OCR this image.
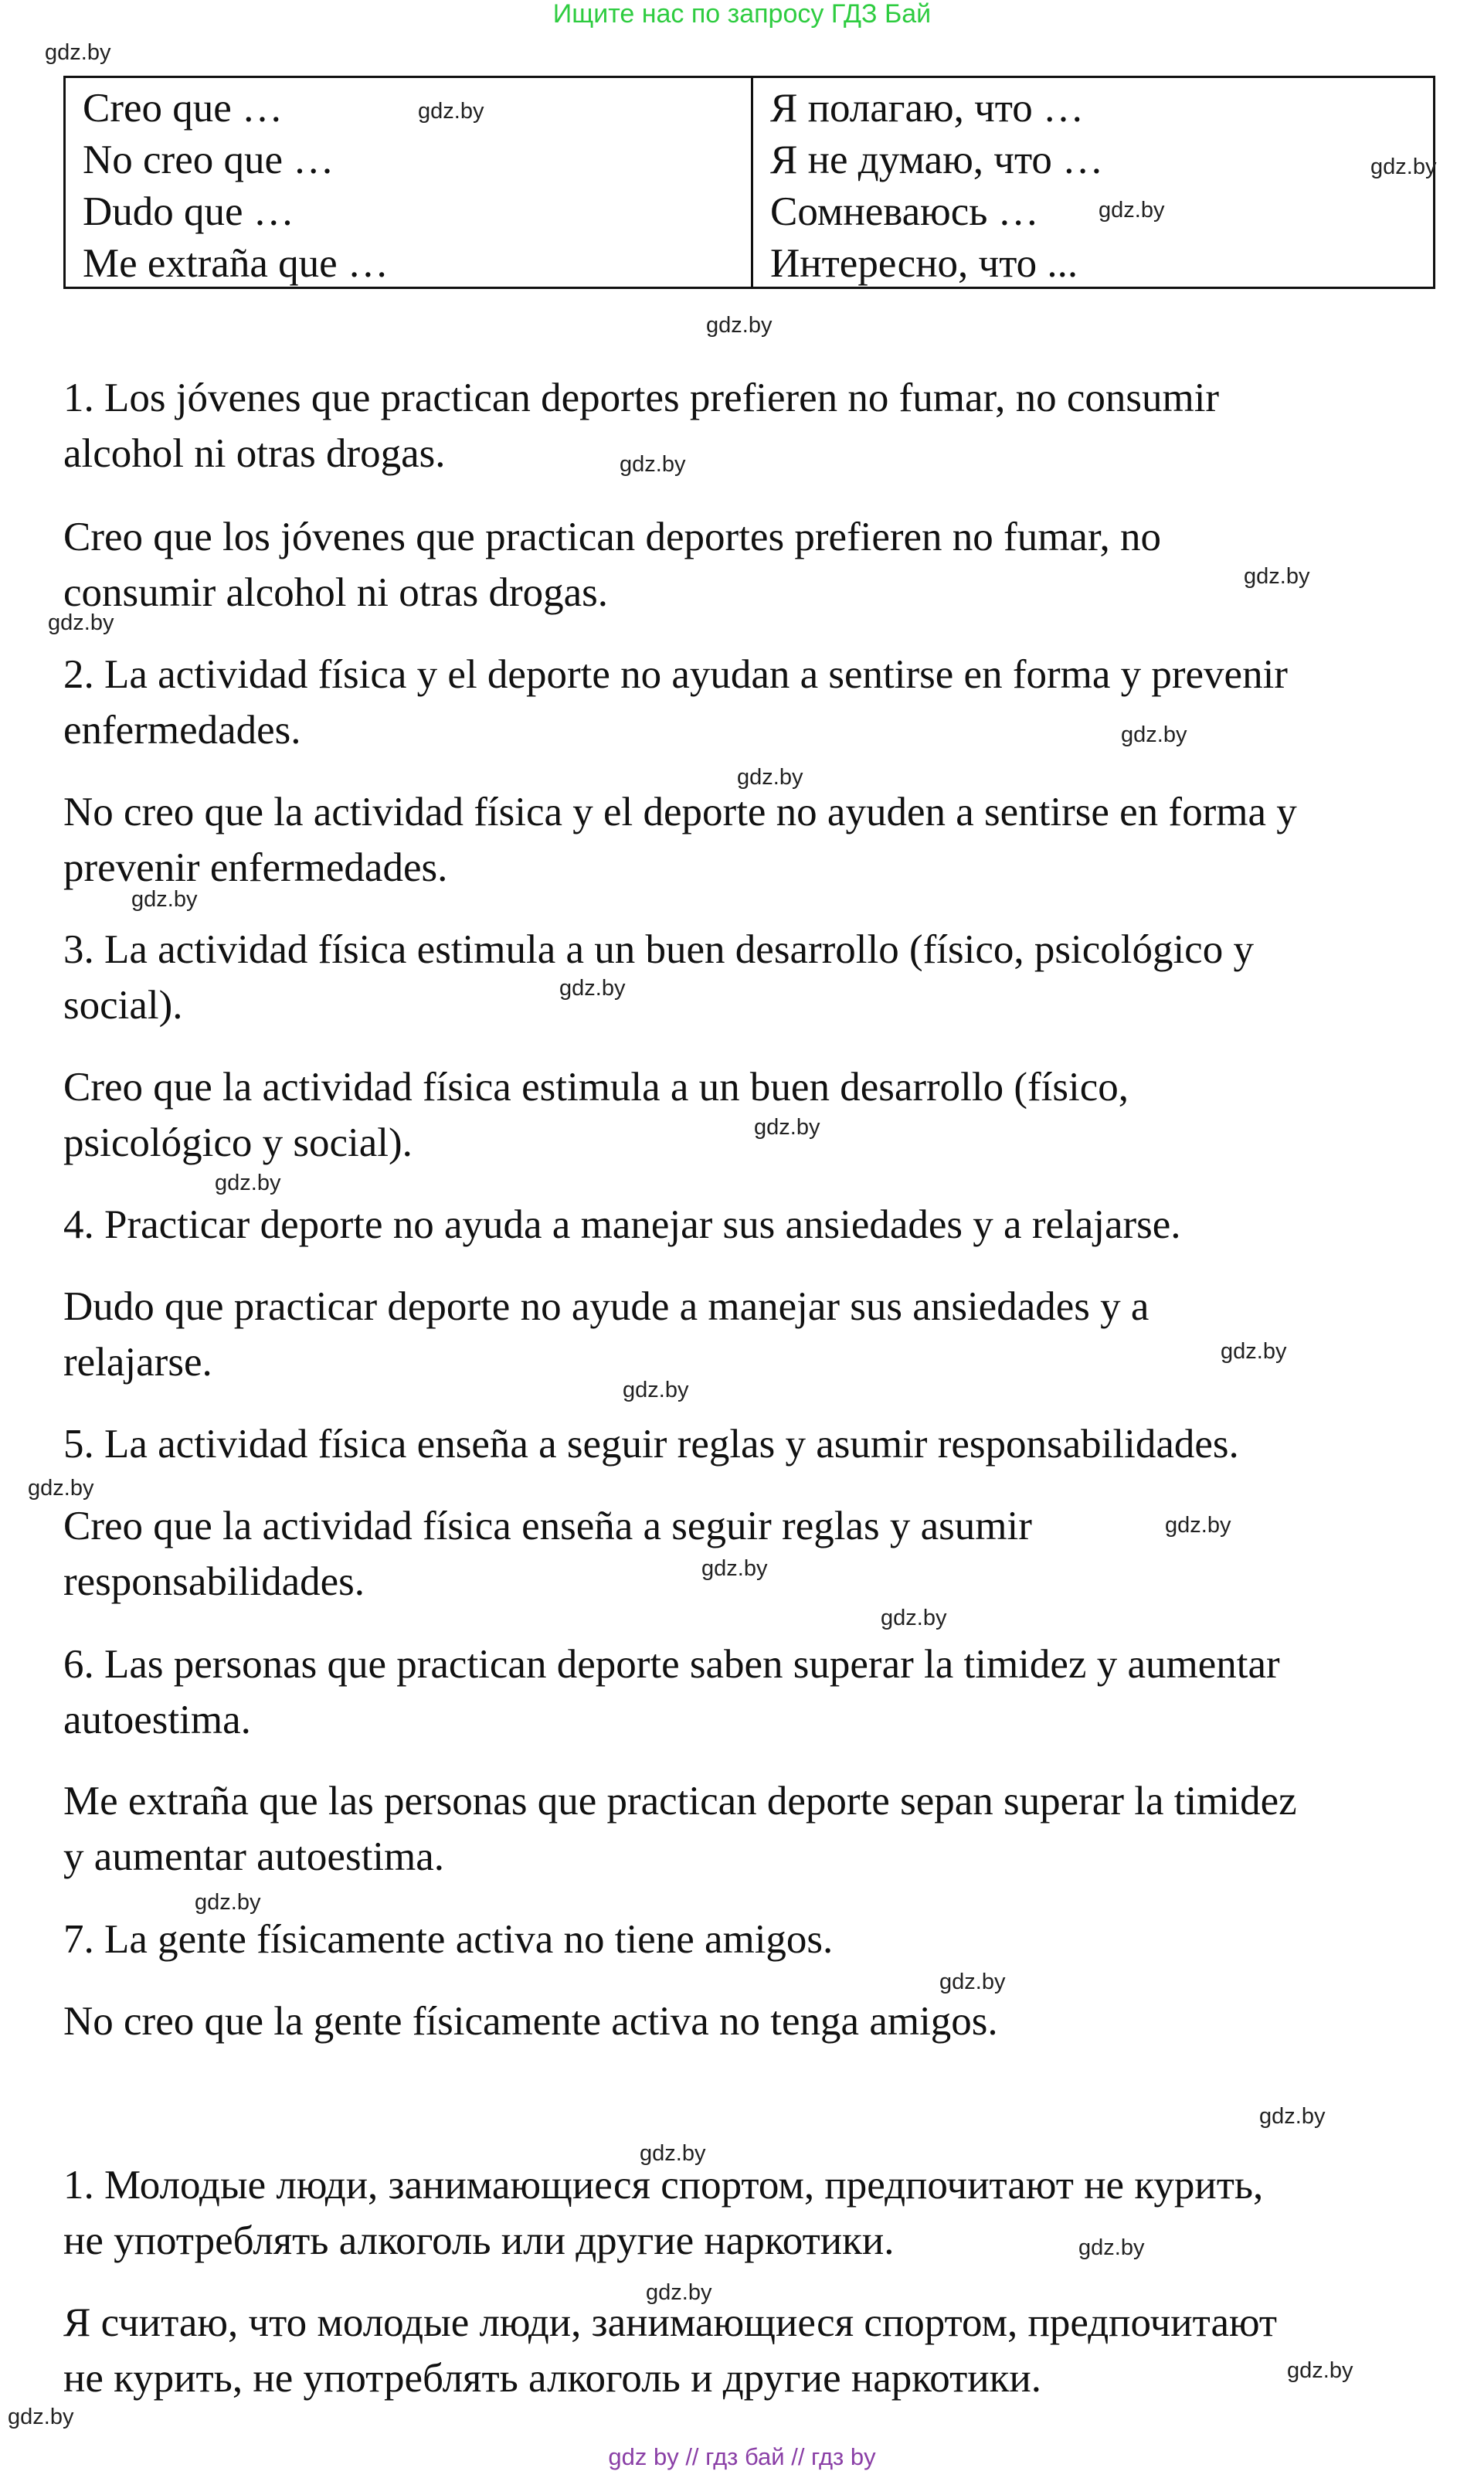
Ищите нас по запросу ГДЗ Бай
Creo que …
No creo que …
Dudo que …
Me extraña que …
Я полагаю, что …
Я не думаю, что …
Сомневаюсь …
Интересно, что ...
1. Los jóvenes que practican deportes prefieren no fumar, no consumir
alcohol ni otras drogas.
Creo que los jóvenes que practican deportes prefieren no fumar, no
consumir alcohol ni otras drogas.
2. La actividad física y el deporte no ayudan a sentirse en forma y prevenir
enfermedades.
No creo que la actividad física y el deporte no ayuden a sentirse en forma y
prevenir enfermedades.
3. La actividad física estimula a un buen desarrollo (físico, psicológico y
social).
Creo que la actividad física estimula a un buen desarrollo (físico,
psicológico y social).
4. Practicar deporte no ayuda a manejar sus ansiedades y a relajarse.
Dudo que practicar deporte no ayude a manejar sus ansiedades y a
relajarse.
5. La actividad física enseña a seguir reglas y asumir responsabilidades.
Creo que la actividad física enseña a seguir reglas y asumir
responsabilidades.
6. Las personas que practican deporte saben superar la timidez y aumentar
autoestima.
Me extraña que las personas que practican deporte sepan superar la timidez
y aumentar autoestima.
7. La gente físicamente activa no tiene amigos.
No creo que la gente físicamente activa no tenga amigos.
1. Молодые люди, занимающиеся спортом, предпочитают не курить,
не употреблять алкоголь или другие наркотики.
Я считаю, что молодые люди, занимающиеся спортом, предпочитают
не курить, не употреблять алкоголь и другие наркотики.
gdz.by
gdz.by
gdz.by
gdz.by
gdz.by
gdz.by
gdz.by
gdz.by
gdz.by
gdz.by
gdz.by
gdz.by
gdz.by
gdz.by
gdz.by
gdz.by
gdz.by
gdz.by
gdz.by
gdz.by
gdz.by
gdz.by
gdz.by
gdz.by
gdz.by
gdz.by
gdz.by
gdz.by
gdz by // гдз бай // гдз by
